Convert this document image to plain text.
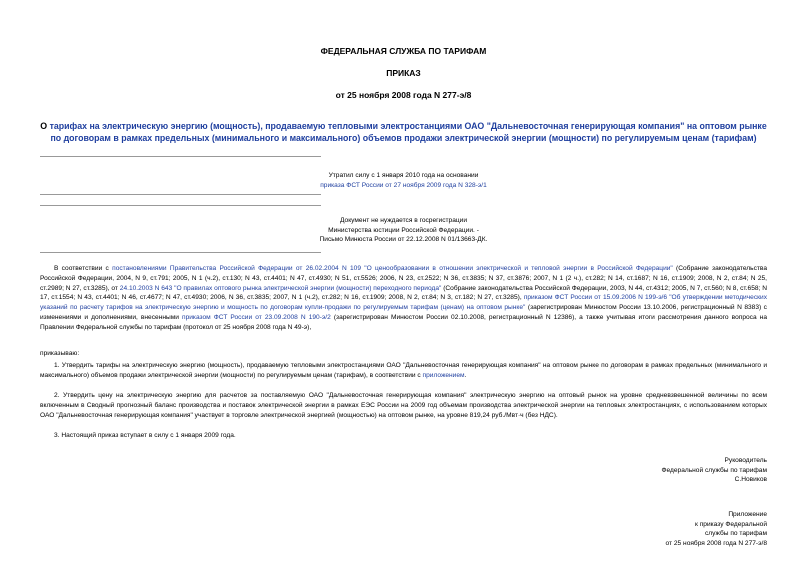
ФЕДЕРАЛЬНАЯ СЛУЖБА ПО ТАРИФАМ
ПРИКАЗ
от 25 ноября 2008 года N 277-э/8
О тарифах на электрическую энергию (мощность), продаваемую тепловыми электростанциями ОАО "Дальневосточная генерирующая компания" на оптовом рынке по договорам в рамках предельных (минимального и максимального) объемов продажи электрической энергии (мощности) по регулируемым ценам (тарифам)
Утратил силу с 1 января 2010 года на основании
приказа ФСТ России от 27 ноября 2009 года N 328-э/1
Документ не нуждается в госрегистрации
Министерства юстиции Российской Федерации. -
Письмо Минюста России от 22.12.2008 N 01/13663-ДК.
В соответствии с постановлениями Правительства Российской Федерации от 26.02.2004 N 109 "О ценообразовании в отношении электрической и тепловой энергии в Российской Федерации" (Собрание законодательства Российской Федерации, 2004, N 9, ст.791; 2005, N 1 (ч.2), ст.130; N 43, ст.4401; N 47, ст.4930; N 51, ст.5526; 2006, N 23, ст.2522; N 36, ст.3835; N 37, ст.3876; 2007, N 1 (2 ч.), ст.282; N 14, ст.1687; N 16, ст.1909; 2008, N 2, ст.84; N 25, ст.2989; N 27, ст.3285), от 24.10.2003 N 643 "О правилах оптового рынка электрической энергии (мощности) переходного периода" (Собрание законодательства Российской Федерации, 2003, N 44, ст.4312; 2005, N 7, ст.560; N 8, ст.658; N 17, ст.1554; N 43, ст.4401; N 46, ст.4677; N 47, ст.4930; 2006, N 36, ст.3835; 2007, N 1 (ч.2), ст.282; N 16, ст.1909; 2008, N 2, ст.84; N 3, ст.182; N 27, ст.3285), приказом ФСТ России от 15.09.2006 N 199-э/6 "Об утверждении методических указаний по расчету тарифов на электрическую энергию и мощность по договорам купли-продажи по регулируемым тарифам (ценам) на оптовом рынке" (зарегистрирован Минюстом России 13.10.2006, регистрационный N 8383) с изменениями и дополнениями, внесенными приказом ФСТ России от 23.09.2008 N 190-э/2 (зарегистрирован Минюстом России 02.10.2008, регистрационный N 12386), а также учитывая итоги рассмотрения данного вопроса на Правлении Федеральной службы по тарифам (протокол от 25 ноября 2008 года N 49-э),
приказываю:
1. Утвердить тарифы на электрическую энергию (мощность), продаваемую тепловыми электростанциями ОАО "Дальневосточная генерирующая компания" на оптовом рынке по договорам в рамках предельных (минимального и максимального) объемов продажи электрической энергии (мощности) по регулируемым ценам (тарифам), в соответствии с приложением.
2. Утвердить цену на электрическую энергию для расчетов за поставляемую ОАО "Дальневосточная генерирующая компания" электрическую энергию на оптовый рынок на уровне средневзвешенной величины по всем включенным в Сводный прогнозный баланс производства и поставок электрической энергии в рамках ЕЭС России на 2009 год объемам производства электрической энергии на тепловых электростанциях, с использованием которых ОАО "Дальневосточная генерирующая компания" участвует в торговле электрической энергией (мощностью) на оптовом рынке, на уровне 819,24 руб./Мвт·ч (без НДС).
3. Настоящий приказ вступает в силу с 1 января 2009 года.
Руководитель
Федеральной службы по тарифам
С.Новиков
Приложение
к приказу Федеральной
службы по тарифам
от 25 ноября 2008 года N 277-э/8
